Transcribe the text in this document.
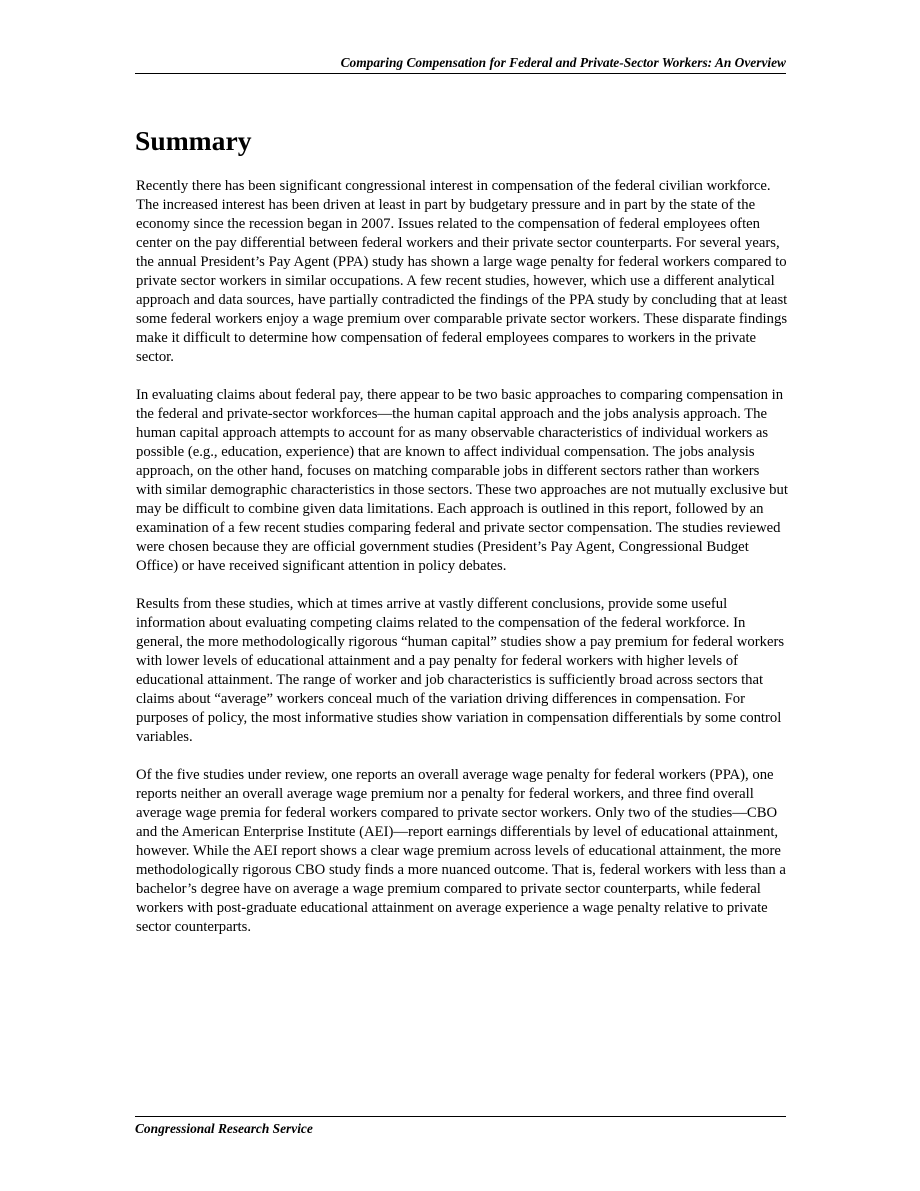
Comparing Compensation for Federal and Private-Sector Workers: An Overview
Summary

Recently there has been significant congressional interest in compensation of the federal civilian workforce. The increased interest has been driven at least in part by budgetary pressure and in part by the state of the economy since the recession began in 2007. Issues related to the compensation of federal employees often center on the pay differential between federal workers and their private sector counterparts. For several years, the annual President’s Pay Agent (PPA) study has shown a large wage penalty for federal workers compared to private sector workers in similar occupations. A few recent studies, however, which use a different analytical approach and data sources, have partially contradicted the findings of the PPA study by concluding that at least some federal workers enjoy a wage premium over comparable private sector workers. These disparate findings make it difficult to determine how compensation of federal employees compares to workers in the private sector.

In evaluating claims about federal pay, there appear to be two basic approaches to comparing compensation in the federal and private-sector workforces—the human capital approach and the jobs analysis approach. The human capital approach attempts to account for as many observable characteristics of individual workers as possible (e.g., education, experience) that are known to affect individual compensation. The jobs analysis approach, on the other hand, focuses on matching comparable jobs in different sectors rather than workers with similar demographic characteristics in those sectors. These two approaches are not mutually exclusive but may be difficult to combine given data limitations. Each approach is outlined in this report, followed by an examination of a few recent studies comparing federal and private sector compensation. The studies reviewed were chosen because they are official government studies (President’s Pay Agent, Congressional Budget Office) or have received significant attention in policy debates.

Results from these studies, which at times arrive at vastly different conclusions, provide some useful information about evaluating competing claims related to the compensation of the federal workforce. In general, the more methodologically rigorous “human capital” studies show a pay premium for federal workers with lower levels of educational attainment and a pay penalty for federal workers with higher levels of educational attainment. The range of worker and job characteristics is sufficiently broad across sectors that claims about “average” workers conceal much of the variation driving differences in compensation. For purposes of policy, the most informative studies show variation in compensation differentials by some control variables.

Of the five studies under review, one reports an overall average wage penalty for federal workers (PPA), one reports neither an overall average wage premium nor a penalty for federal workers, and three find overall average wage premia for federal workers compared to private sector workers. Only two of the studies—CBO and the American Enterprise Institute (AEI)—report earnings differentials by level of educational attainment, however. While the AEI report shows a clear wage premium across levels of educational attainment, the more methodologically rigorous CBO study finds a more nuanced outcome. That is, federal workers with less than a bachelor’s degree have on average a wage premium compared to private sector counterparts, while federal workers with post-graduate educational attainment on average experience a wage penalty relative to private sector counterparts.

Congressional Research Service
